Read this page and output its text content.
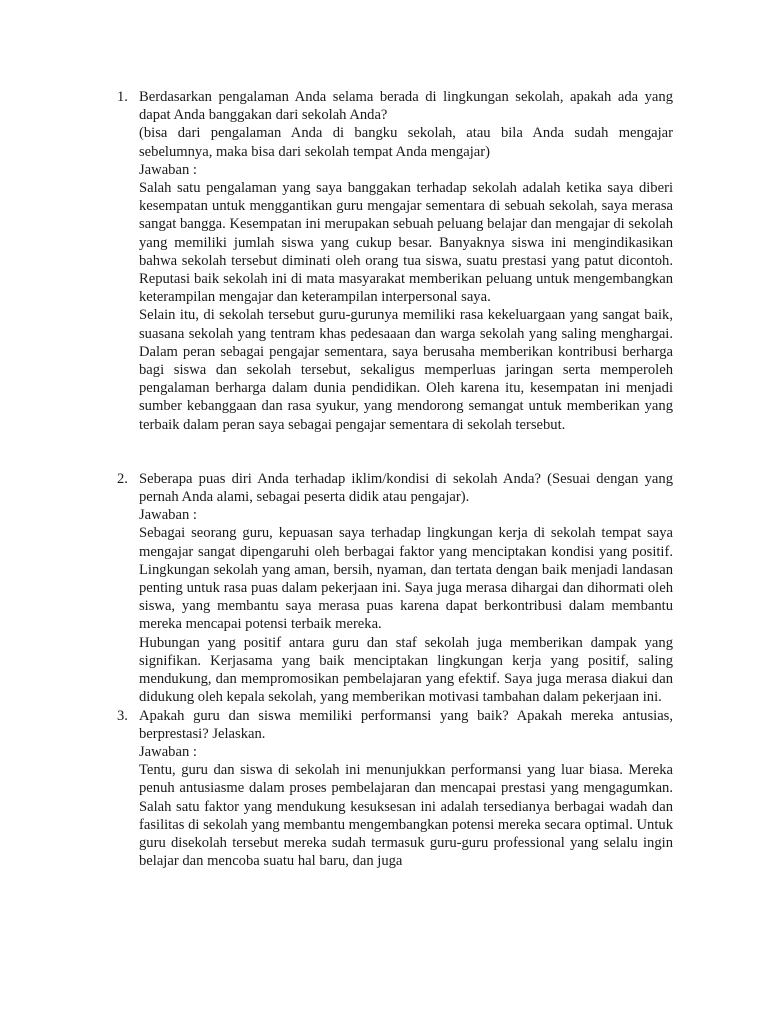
1. Berdasarkan pengalaman Anda selama berada di lingkungan sekolah, apakah ada yang dapat Anda banggakan dari sekolah Anda?

(bisa dari pengalaman Anda di bangku sekolah, atau bila Anda sudah mengajar sebelumnya, maka bisa dari sekolah tempat Anda mengajar)

Jawaban :

Salah satu pengalaman yang saya banggakan terhadap sekolah adalah ketika saya diberi kesempatan untuk menggantikan guru mengajar sementara di sebuah sekolah, saya merasa sangat bangga. Kesempatan ini merupakan sebuah peluang belajar dan mengajar di sekolah yang memiliki jumlah siswa yang cukup besar. Banyaknya siswa ini mengindikasikan bahwa sekolah tersebut diminati oleh orang tua siswa, suatu prestasi yang patut dicontoh. Reputasi baik sekolah ini di mata masyarakat memberikan peluang untuk mengembangkan keterampilan mengajar dan keterampilan interpersonal saya.

Selain itu, di sekolah tersebut guru-gurunya memiliki rasa kekeluargaan yang sangat baik, suasana sekolah yang tentram khas pedesaaan dan warga sekolah yang saling menghargai. Dalam peran sebagai pengajar sementara, saya berusaha memberikan kontribusi berharga bagi siswa dan sekolah tersebut, sekaligus memperluas jaringan serta memperoleh pengalaman berharga dalam dunia pendidikan. Oleh karena itu, kesempatan ini menjadi sumber kebanggaan dan rasa syukur, yang mendorong semangat untuk memberikan yang terbaik dalam peran saya sebagai pengajar sementara di sekolah tersebut.

2. Seberapa puas diri Anda terhadap iklim/kondisi di sekolah Anda? (Sesuai dengan yang pernah Anda alami, sebagai peserta didik atau pengajar).

Jawaban :

Sebagai seorang guru, kepuasan saya terhadap lingkungan kerja di sekolah tempat saya mengajar sangat dipengaruhi oleh berbagai faktor yang menciptakan kondisi yang positif. Lingkungan sekolah yang aman, bersih, nyaman, dan tertata dengan baik menjadi landasan penting untuk rasa puas dalam pekerjaan ini. Saya juga merasa dihargai dan dihormati oleh siswa, yang membantu saya merasa puas karena dapat berkontribusi dalam membantu mereka mencapai potensi terbaik mereka.

Hubungan yang positif antara guru dan staf sekolah juga memberikan dampak yang signifikan. Kerjasama yang baik menciptakan lingkungan kerja yang positif, saling mendukung, dan mempromosikan pembelajaran yang efektif. Saya juga merasa diakui dan didukung oleh kepala sekolah, yang memberikan motivasi tambahan dalam pekerjaan ini.

3. Apakah guru dan siswa memiliki performansi yang baik? Apakah mereka antusias, berprestasi? Jelaskan.

Jawaban :

Tentu, guru dan siswa di sekolah ini menunjukkan performansi yang luar biasa. Mereka penuh antusiasme dalam proses pembelajaran dan mencapai prestasi yang mengagumkan. Salah satu faktor yang mendukung kesuksesan ini adalah tersedianya berbagai wadah dan fasilitas di sekolah yang membantu mengembangkan potensi mereka secara optimal. Untuk guru disekolah tersebut mereka sudah termasuk guru-guru professional yang selalu ingin belajar dan mencoba suatu hal baru, dan juga
